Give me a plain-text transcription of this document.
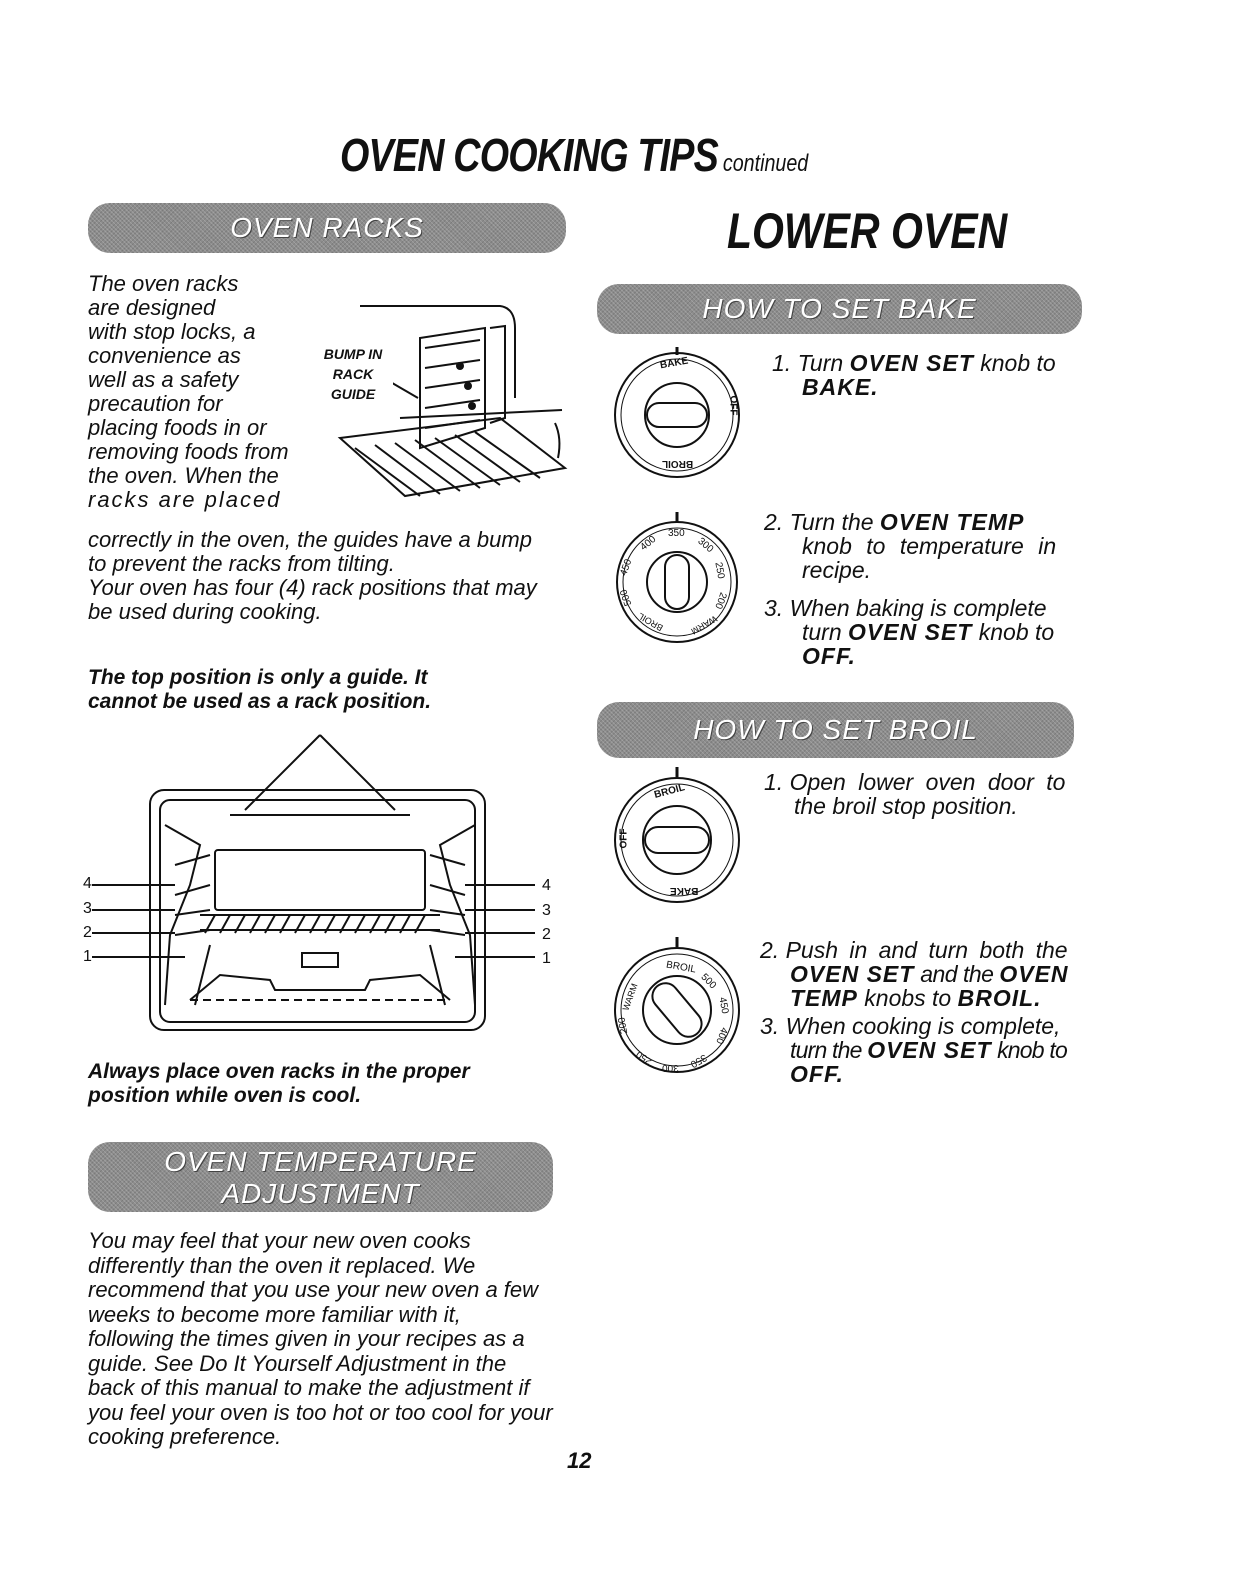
OVEN COOKING TIPS continued
OVEN RACKS
The oven racks
are designed
with stop locks, a
convenience as
well as a safety
precaution for
placing foods in or
removing foods from
the oven. When the
racks are placed
BUMP IN
RACK
GUIDE
correctly in the oven, the guides have a bump
to prevent the racks from tilting.
Your oven has four (4) rack positions that may
be used during cooking.
The top position is only a guide. It
cannot be used as a rack position.
4
3
2
1
4
3
2
1
Always place oven racks in the proper
position while oven is cool.
OVEN TEMPERATURE
ADJUSTMENT
You may feel that your new oven cooks
differently than the oven it replaced. We
recommend that you use your new oven a few
weeks to become more familiar with it,
following the times given in your recipes as a
guide. See Do It Yourself Adjustment in the
back of this manual to make the adjustment if
you feel your oven is too hot or too cool for your
cooking preference.
12
LOWER OVEN
HOW TO SET BAKE
BAKE
OFF
BROIL
1. Turn OVEN SET knob to
BAKE.
350
300
250
200
WARM
BROIL
500
450
400
2. Turn the OVEN TEMP
knob to temperature in
recipe.
3. When baking is complete
turn OVEN SET knob to
OFF.
HOW TO SET BROIL
BROIL
OFF
BAKE
1. Open lower oven door to
the broil stop position.
BROIL
500
450
400
350
300
250
200
WARM
2. Push in and turn both the
OVEN SET and the OVEN
TEMP knobs to BROIL.
3. When cooking is complete,
turn the OVEN SET knob to
OFF.
